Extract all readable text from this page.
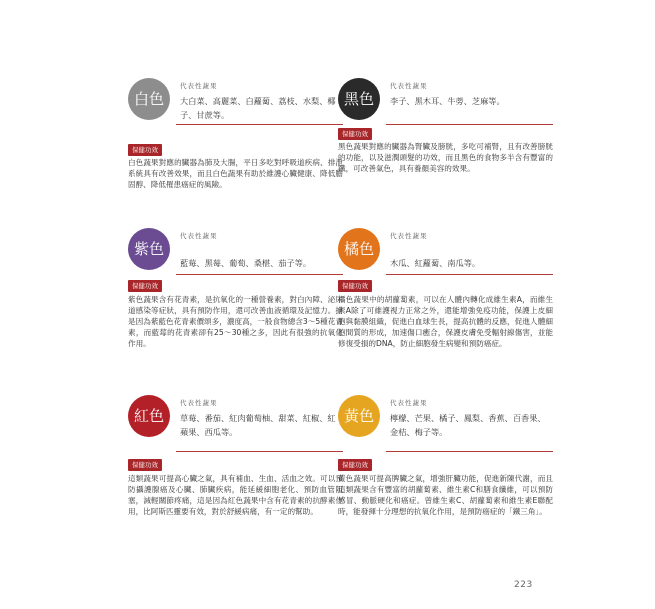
白色
代表性蔬果
大白菜、高麗菜、白蘿蔔、荔枝、水梨、椰子、甘蔗等。
保健功效
白色蔬果對應的臟器為肺及大腸，平日多吃對呼吸道疾病、排泄系統具有改善效果，而且白色蔬果有助於維護心臟健康、降低膽固醇、降低罹患癌症的風險。
黑色
代表性蔬果
李子、黑木耳、牛蒡、芝麻等。
保健功效
黑色蔬果對應的臟器為腎臟及膀胱，多吃可補腎，且有改善膀胱的功能，以及滋潤頭髮的功效，而且黑色的食物多半含有豐富的鐵，可改善氣色，具有養顏美容的效果。
紫色
代表性蔬果
藍莓、黑莓、葡萄、桑椹、茄子等。
保健功效
紫色蔬果含有花青素，是抗氧化的一種營養素，對白內障、泌尿道感染等症狀，具有預防作用，還可改善血液循環及記憶力。搶是因為紫藍色花青素價頌多，濃度高，一般食物總含3～5種花青素，而藍莓的花青素卻有25～30種之多，因此有很強的抗氧化作用。
橘色
代表性蔬果
木瓜、紅蘿蔔、南瓜等。
保健功效
橘色蔬果中的胡蘿蔔素，可以在人體內轉化成維生素A，而維生素A除了可維護視力正常之外，還能增強免疫功能，保護上皮細胞與黏膜組織，促進白血球生長，提高抗體的反應，促進人體細胞間質的形成，加速傷口癒合，保護皮膚免受輻射線傷害，並能修復受損的DNA，防止細胞發生病變和預防癌症。
紅色
代表性蔬果
草莓、番茄、紅肉葡萄柚、甜菜、紅椒、紅蘋果、西瓜等。
保健功效
這類蔬果可提高心臟之氣，具有補血、生血、活血之效。可以預防攝護腺癌及心臟、肺臟疾病，能延緩細胞老化、預防血管阻塞，減輕關節疼痛，這是因為紅色蔬果中含有花青素的抗酵素作用，比阿斯匹靈要有效，對於舒緩病痛，有一定的幫助。
黃色
代表性蔬果
檸檬、芒果、橘子、鳳梨、香蕉、百香果、金桔、梅子等。
保健功效
黃色蔬果可提高脾臟之氣，增強肝臟功能，促進新陳代謝，而且這類蔬果含有豐富的胡蘿蔔素、維生素C和膳食纖維，可以預防感冒、動脈硬化和癌症。曾維生素C、胡蘿蔔素和維生素E聯配時，能發揮十分理想的抗氧化作用，是預防癌症的「鐵三角」。
223
